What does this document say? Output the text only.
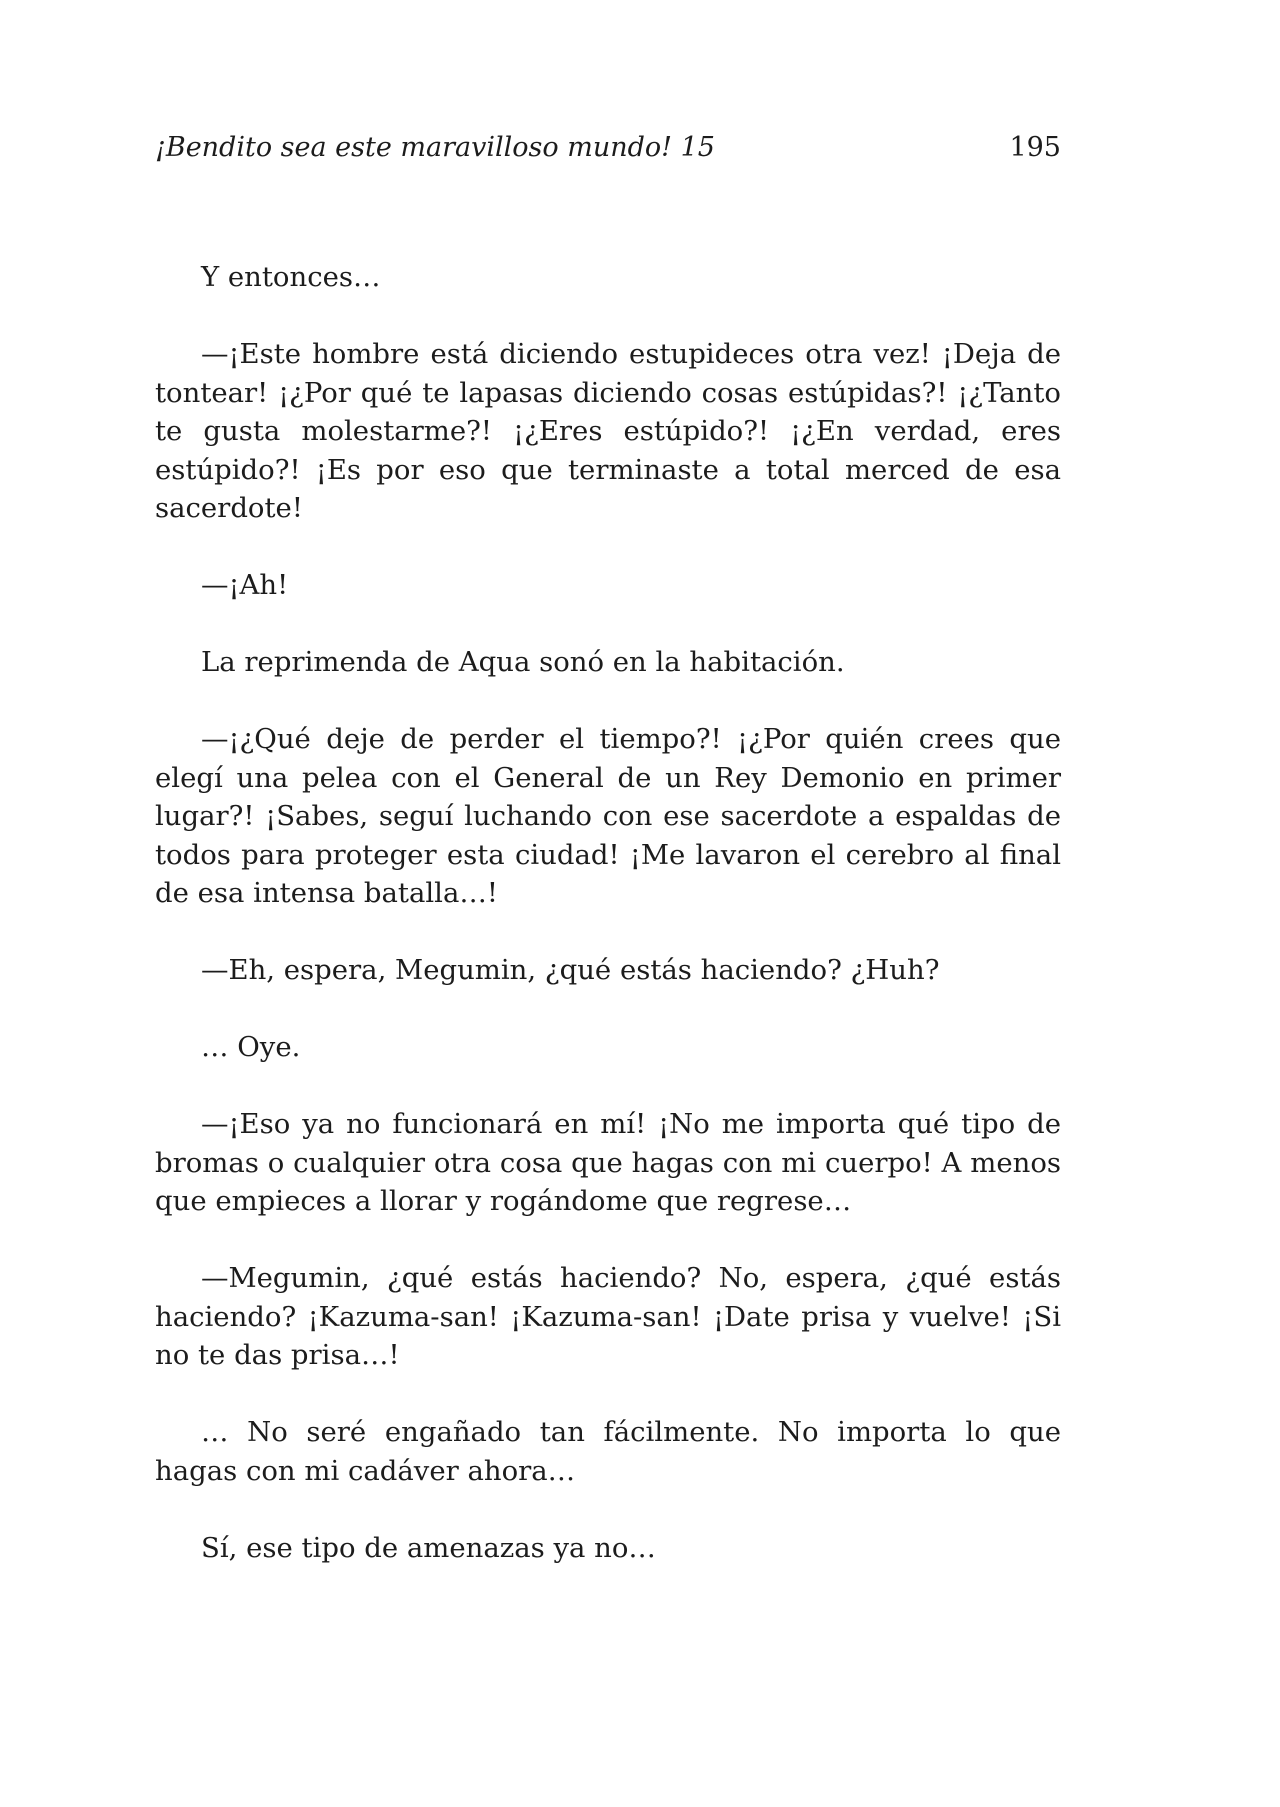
¡Bendito sea este maravilloso mundo! 15	195

Y entonces…

—¡Este hombre está diciendo estupideces otra vez! ¡Deja de tontear! ¡¿Por qué te lapasas diciendo cosas estúpidas?! ¡¿Tanto te gusta molestarme?! ¡¿Eres estúpido?! ¡¿En verdad, eres estúpido?! ¡Es por eso que terminaste a total merced de esa sacerdote!

—¡Ah!

La reprimenda de Aqua sonó en la habitación.

—¡¿Qué deje de perder el tiempo?! ¡¿Por quién crees que elegí una pelea con el General de un Rey Demonio en primer lugar?! ¡Sabes, seguí luchando con ese sacerdote a espaldas de todos para proteger esta ciudad! ¡Me lavaron el cerebro al final de esa intensa batalla…!

—Eh, espera, Megumin, ¿qué estás haciendo? ¿Huh?

… Oye.

—¡Eso ya no funcionará en mí! ¡No me importa qué tipo de bromas o cualquier otra cosa que hagas con mi cuerpo! A menos que empieces a llorar y rogándome que regrese…

—Megumin, ¿qué estás haciendo? No, espera, ¿qué estás haciendo? ¡Kazuma-san! ¡Kazuma-san! ¡Date prisa y vuelve! ¡Si no te das prisa…!

… No seré engañado tan fácilmente. No importa lo que hagas con mi cadáver ahora…

Sí, ese tipo de amenazas ya no…
